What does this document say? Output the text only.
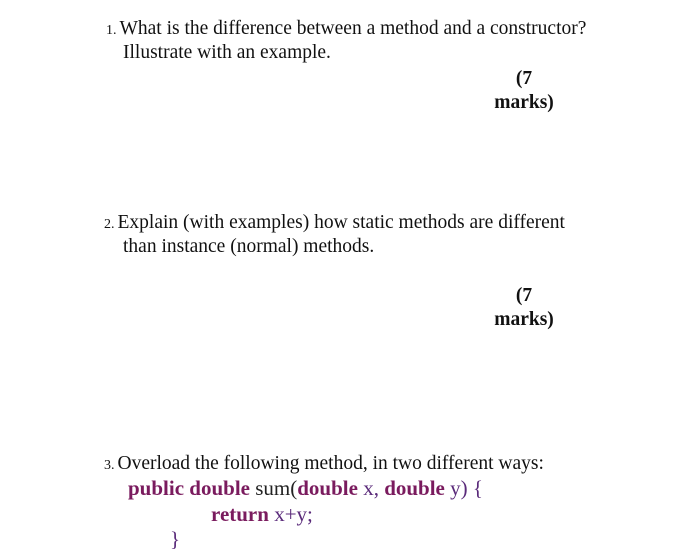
1. What is the difference between a method and a constructor?
Illustrate with an example.
(7
marks)
2. Explain (with examples) how static methods are different
than instance (normal) methods.
(7
marks)
3. Overload the following method, in two different ways:
public double sum(double x, double y) {
return x+y;
}
